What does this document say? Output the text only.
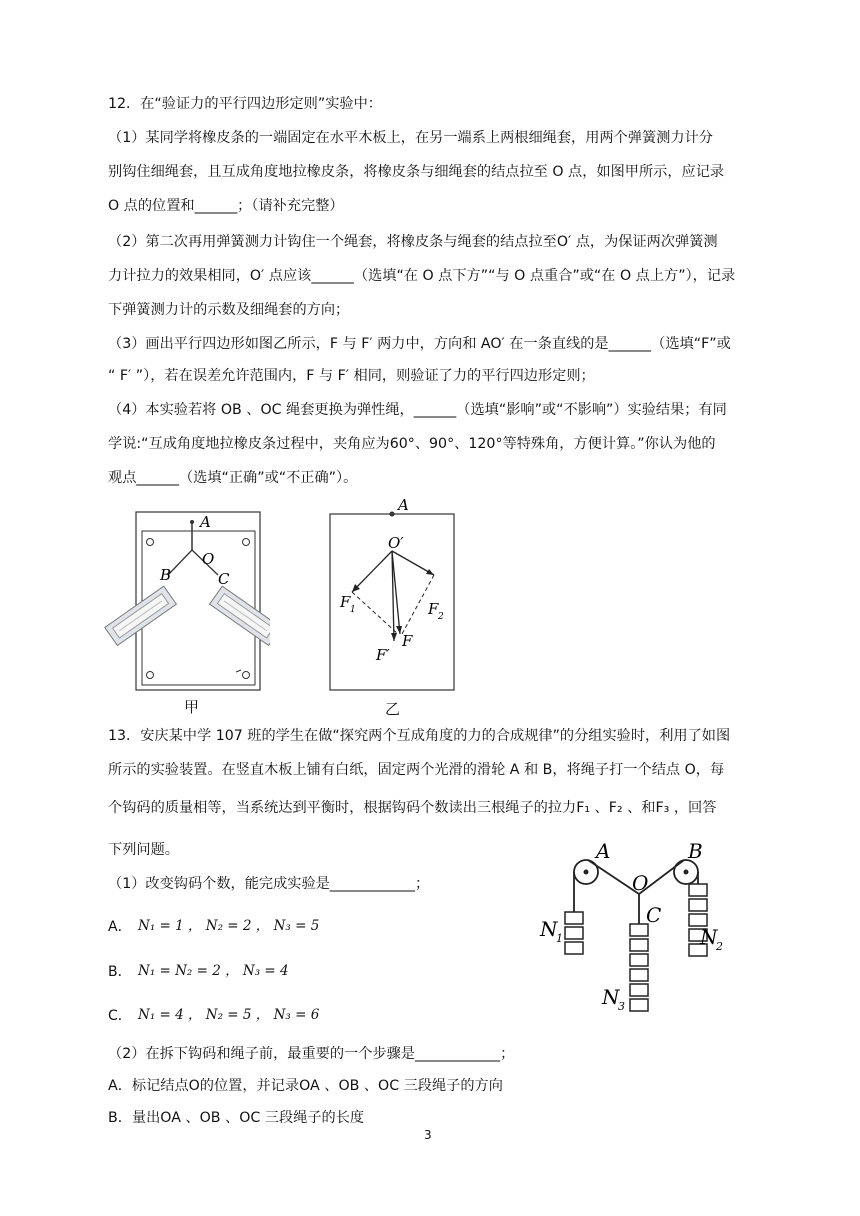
12．在“验证力的平行四边形定则”实验中：
（1）某同学将橡皮条的一端固定在水平木板上，在另一端系上两根细绳套，用两个弹簧测力计分
别钩住细绳套，且互成角度地拉橡皮条，将橡皮条与细绳套的结点拉至 O 点，如图甲所示，应记录
O 点的位置和______；（请补充完整）
（2）第二次再用弹簧测力计钩住一个绳套，将橡皮条与绳套的结点拉至O′ 点，为保证两次弹簧测
力计拉力的效果相同，O′ 点应该______（选填“在 O 点下方”“与 O 点重合”或“在 O 点上方”），记录
下弹簧测力计的示数及细绳套的方向；
（3）画出平行四边形如图乙所示，F 与 F′ 两力中，方向和 AO′ 在一条直线的是______（选填“F”或
“ F′ ”），若在误差允许范围内，F 与 F′ 相同，则验证了力的平行四边形定则；
（4）本实验若将 OB 、OC 绳套更换为弹性绳，______（选填“影响”或“不影响”）实验结果；有同
学说:“互成角度地拉橡皮条过程中，夹角应为60°、90°、120°等特殊角，方便计算。”你认为他的
观点______（选填“正确”或“不正确”）。
A
O
B	C
甲
A
O′
F 1	F 2
F
F′
乙
13．安庆某中学 107 班的学生在做“探究两个互成角度的力的合成规律”的分组实验时，利用了如图
所示的实验装置。在竖直木板上铺有白纸，固定两个光滑的滑轮 A 和 B，将绳子打一个结点 O，每
个钩码的质量相等，当系统达到平衡时，根据钩码个数读出三根绳子的拉力F₁ 、F₂ 、和F₃ ，回答
下列问题。
（1）改变钩码个数，能完成实验是____________；
A． N₁ = 1 ， N₂ = 2 ， N₃ = 5
B． N₁ = N₂ = 2 ， N₃ = 4
C． N₁ = 4 ， N₂ = 5 ， N₃ = 6
（2）在拆下钩码和绳子前，最重要的一个步骤是____________；
A．标记结点O的位置，并记录OA 、OB 、OC 三段绳子的方向
B．量出OA 、OB 、OC 三段绳子的长度
A	B
O
C
N
1	N
2
N
3
3
